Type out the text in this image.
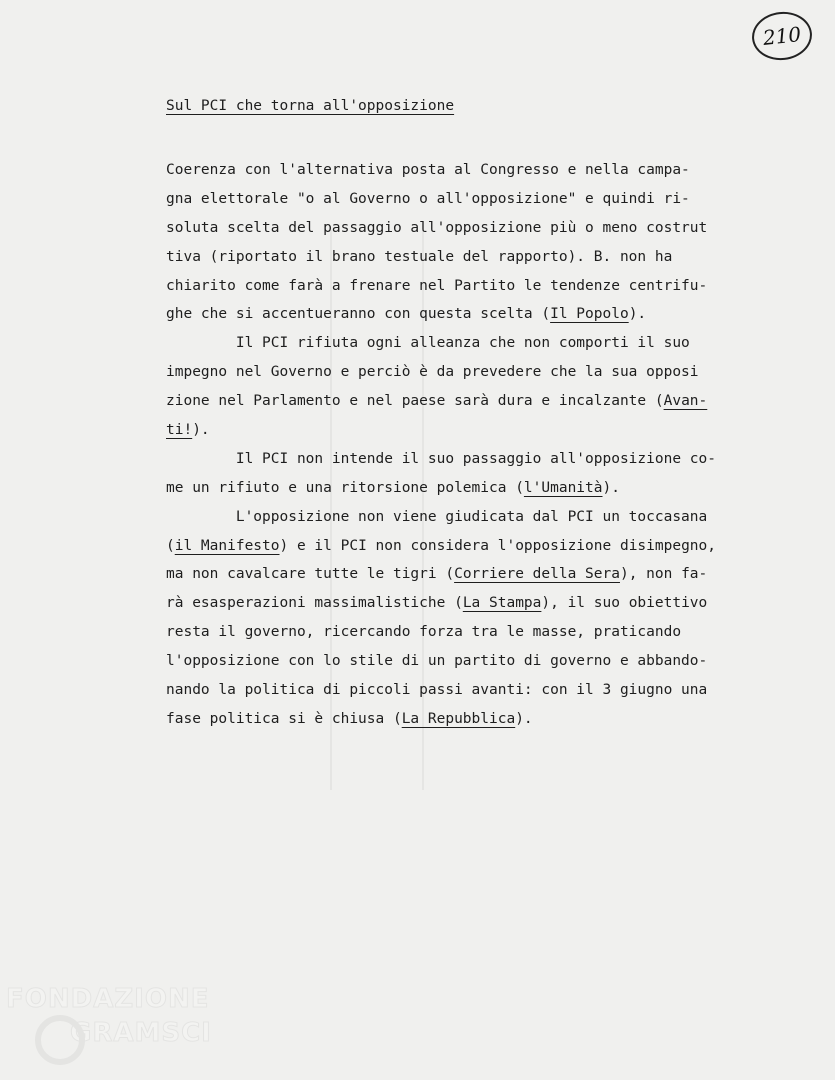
210

Sul PCI che torna all'opposizione

Coerenza con l'alternativa posta al Congresso e nella campa-
gna elettorale "o al Governo o all'opposizione" e quindi ri-
soluta scelta del passaggio all'opposizione più o meno costrut
tiva (riportato il brano testuale del rapporto). B. non ha
chiarito come farà a frenare nel Partito le tendenze centrifu-
ghe che si accentueranno con questa scelta (Il Popolo).
Il PCI rifiuta ogni alleanza che non comporti il suo
impegno nel Governo e perciò è da prevedere che la sua opposi
zione nel Parlamento e nel paese sarà dura e incalzante (Avan-
ti!).
Il PCI non intende il suo passaggio all'opposizione co-
me un rifiuto e una ritorsione polemica (l'Umanità).
L'opposizione non viene giudicata dal PCI un toccasana
(il Manifesto) e il PCI non considera l'opposizione disimpegno,
ma non cavalcare tutte le tigri (Corriere della Sera), non fa-
rà esasperazioni massimalistiche (La Stampa), il suo obiettivo
resta il governo, ricercando forza tra le masse, praticando
l'opposizione con lo stile di un partito di governo e abbando-
nando la politica di piccoli passi avanti: con il 3 giugno una
fase politica si è chiusa (La Repubblica).
FONDAZIONE
GRAMSCI
